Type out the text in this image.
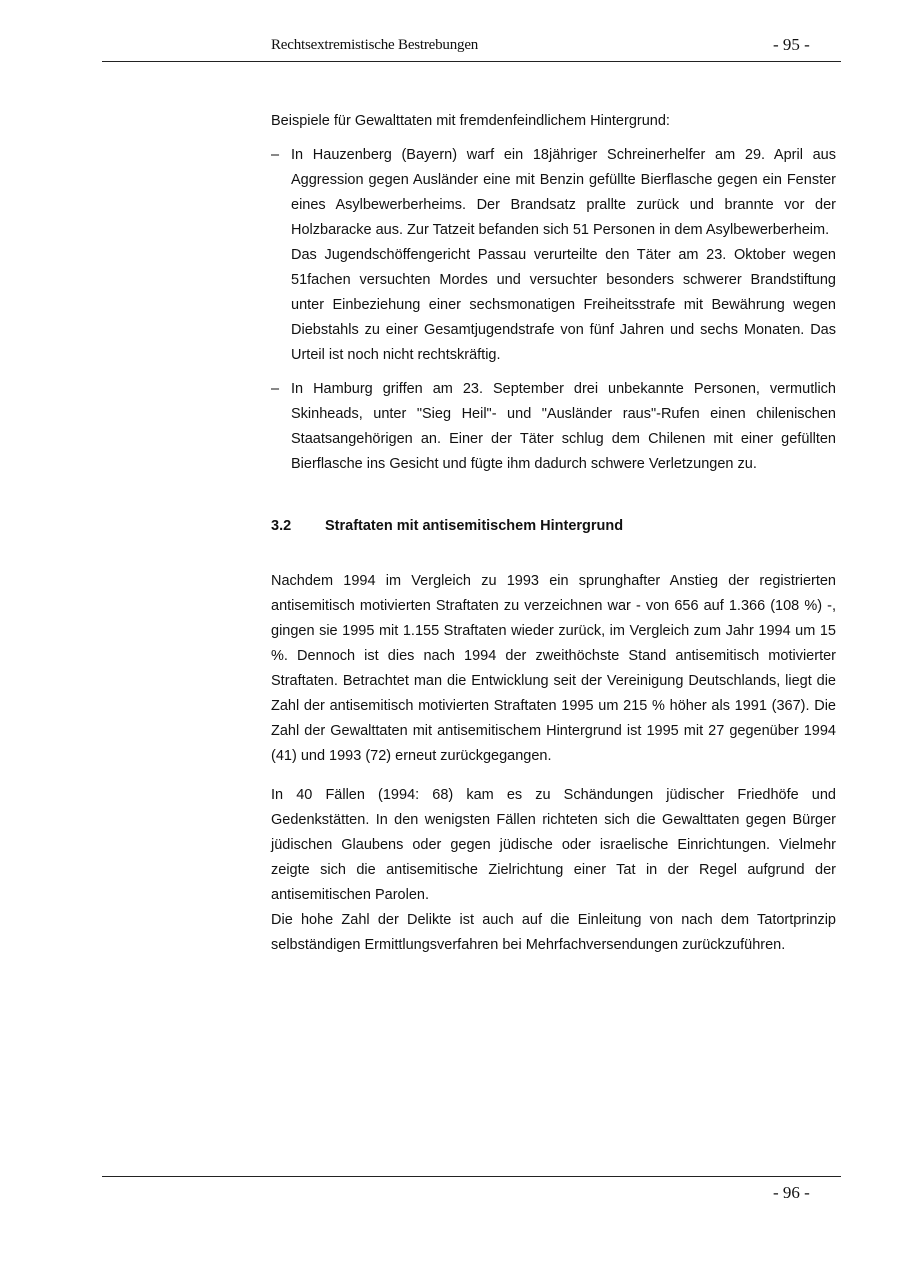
Rechtsextremistische Bestrebungen	- 95 -

Beispiele für Gewalttaten mit fremdenfeindlichem Hintergrund:

– In Hauzenberg (Bayern) warf ein 18jähriger Schreinerhelfer am 29. April aus Aggression gegen Ausländer eine mit Benzin gefüllte Bierflasche gegen ein Fenster eines Asylbewerberheims. Der Brandsatz prallte zurück und brannte vor der Holzbaracke aus. Zur Tatzeit befanden sich 51 Personen in dem Asylbewerberheim.

Das Jugendschöffengericht Passau verurteilte den Täter am 23. Oktober wegen 51fachen versuchten Mordes und versuchter besonders schwerer Brandstiftung unter Einbeziehung einer sechsmonatigen Freiheitsstrafe mit Bewährung wegen Diebstahls zu einer Gesamtjugendstrafe von fünf Jahren und sechs Monaten. Das Urteil ist noch nicht rechtskräftig.

– In Hamburg griffen am 23. September drei unbekannte Personen, vermutlich Skinheads, unter "Sieg Heil"- und "Ausländer raus"-Rufen einen chilenischen Staatsangehörigen an. Einer der Täter schlug dem Chilenen mit einer gefüllten Bierflasche ins Gesicht und fügte ihm dadurch schwere Verletzungen zu.

3.2	Straftaten mit antisemitischem Hintergrund

Nachdem 1994 im Vergleich zu 1993 ein sprunghafter Anstieg der registrierten antisemitisch motivierten Straftaten zu verzeichnen war - von 656 auf 1.366 (108 %) -, gingen sie 1995 mit 1.155 Straftaten wieder zurück, im Vergleich zum Jahr 1994 um 15 %. Dennoch ist dies nach 1994 der zweithöchste Stand antisemitisch motivierter Straftaten. Betrachtet man die Entwicklung seit der Vereinigung Deutschlands, liegt die Zahl der antisemitisch motivierten Straftaten 1995 um 215 % höher als 1991 (367). Die Zahl der Gewalttaten mit antisemitischem Hintergrund ist 1995 mit 27 gegenüber 1994 (41) und 1993 (72) erneut zurückgegangen.

In 40 Fällen (1994: 68) kam es zu Schändungen jüdischer Friedhöfe und Gedenkstätten. In den wenigsten Fällen richteten sich die Gewalttaten gegen Bürger jüdischen Glaubens oder gegen jüdische oder israelische Einrichtungen. Vielmehr zeigte sich die antisemitische Zielrichtung einer Tat in der Regel aufgrund der antisemitischen Parolen.

Die hohe Zahl der Delikte ist auch auf die Einleitung von nach dem Tatortprinzip selbständigen Ermittlungsverfahren bei Mehrfachversendungen zurückzuführen.

- 96 -
